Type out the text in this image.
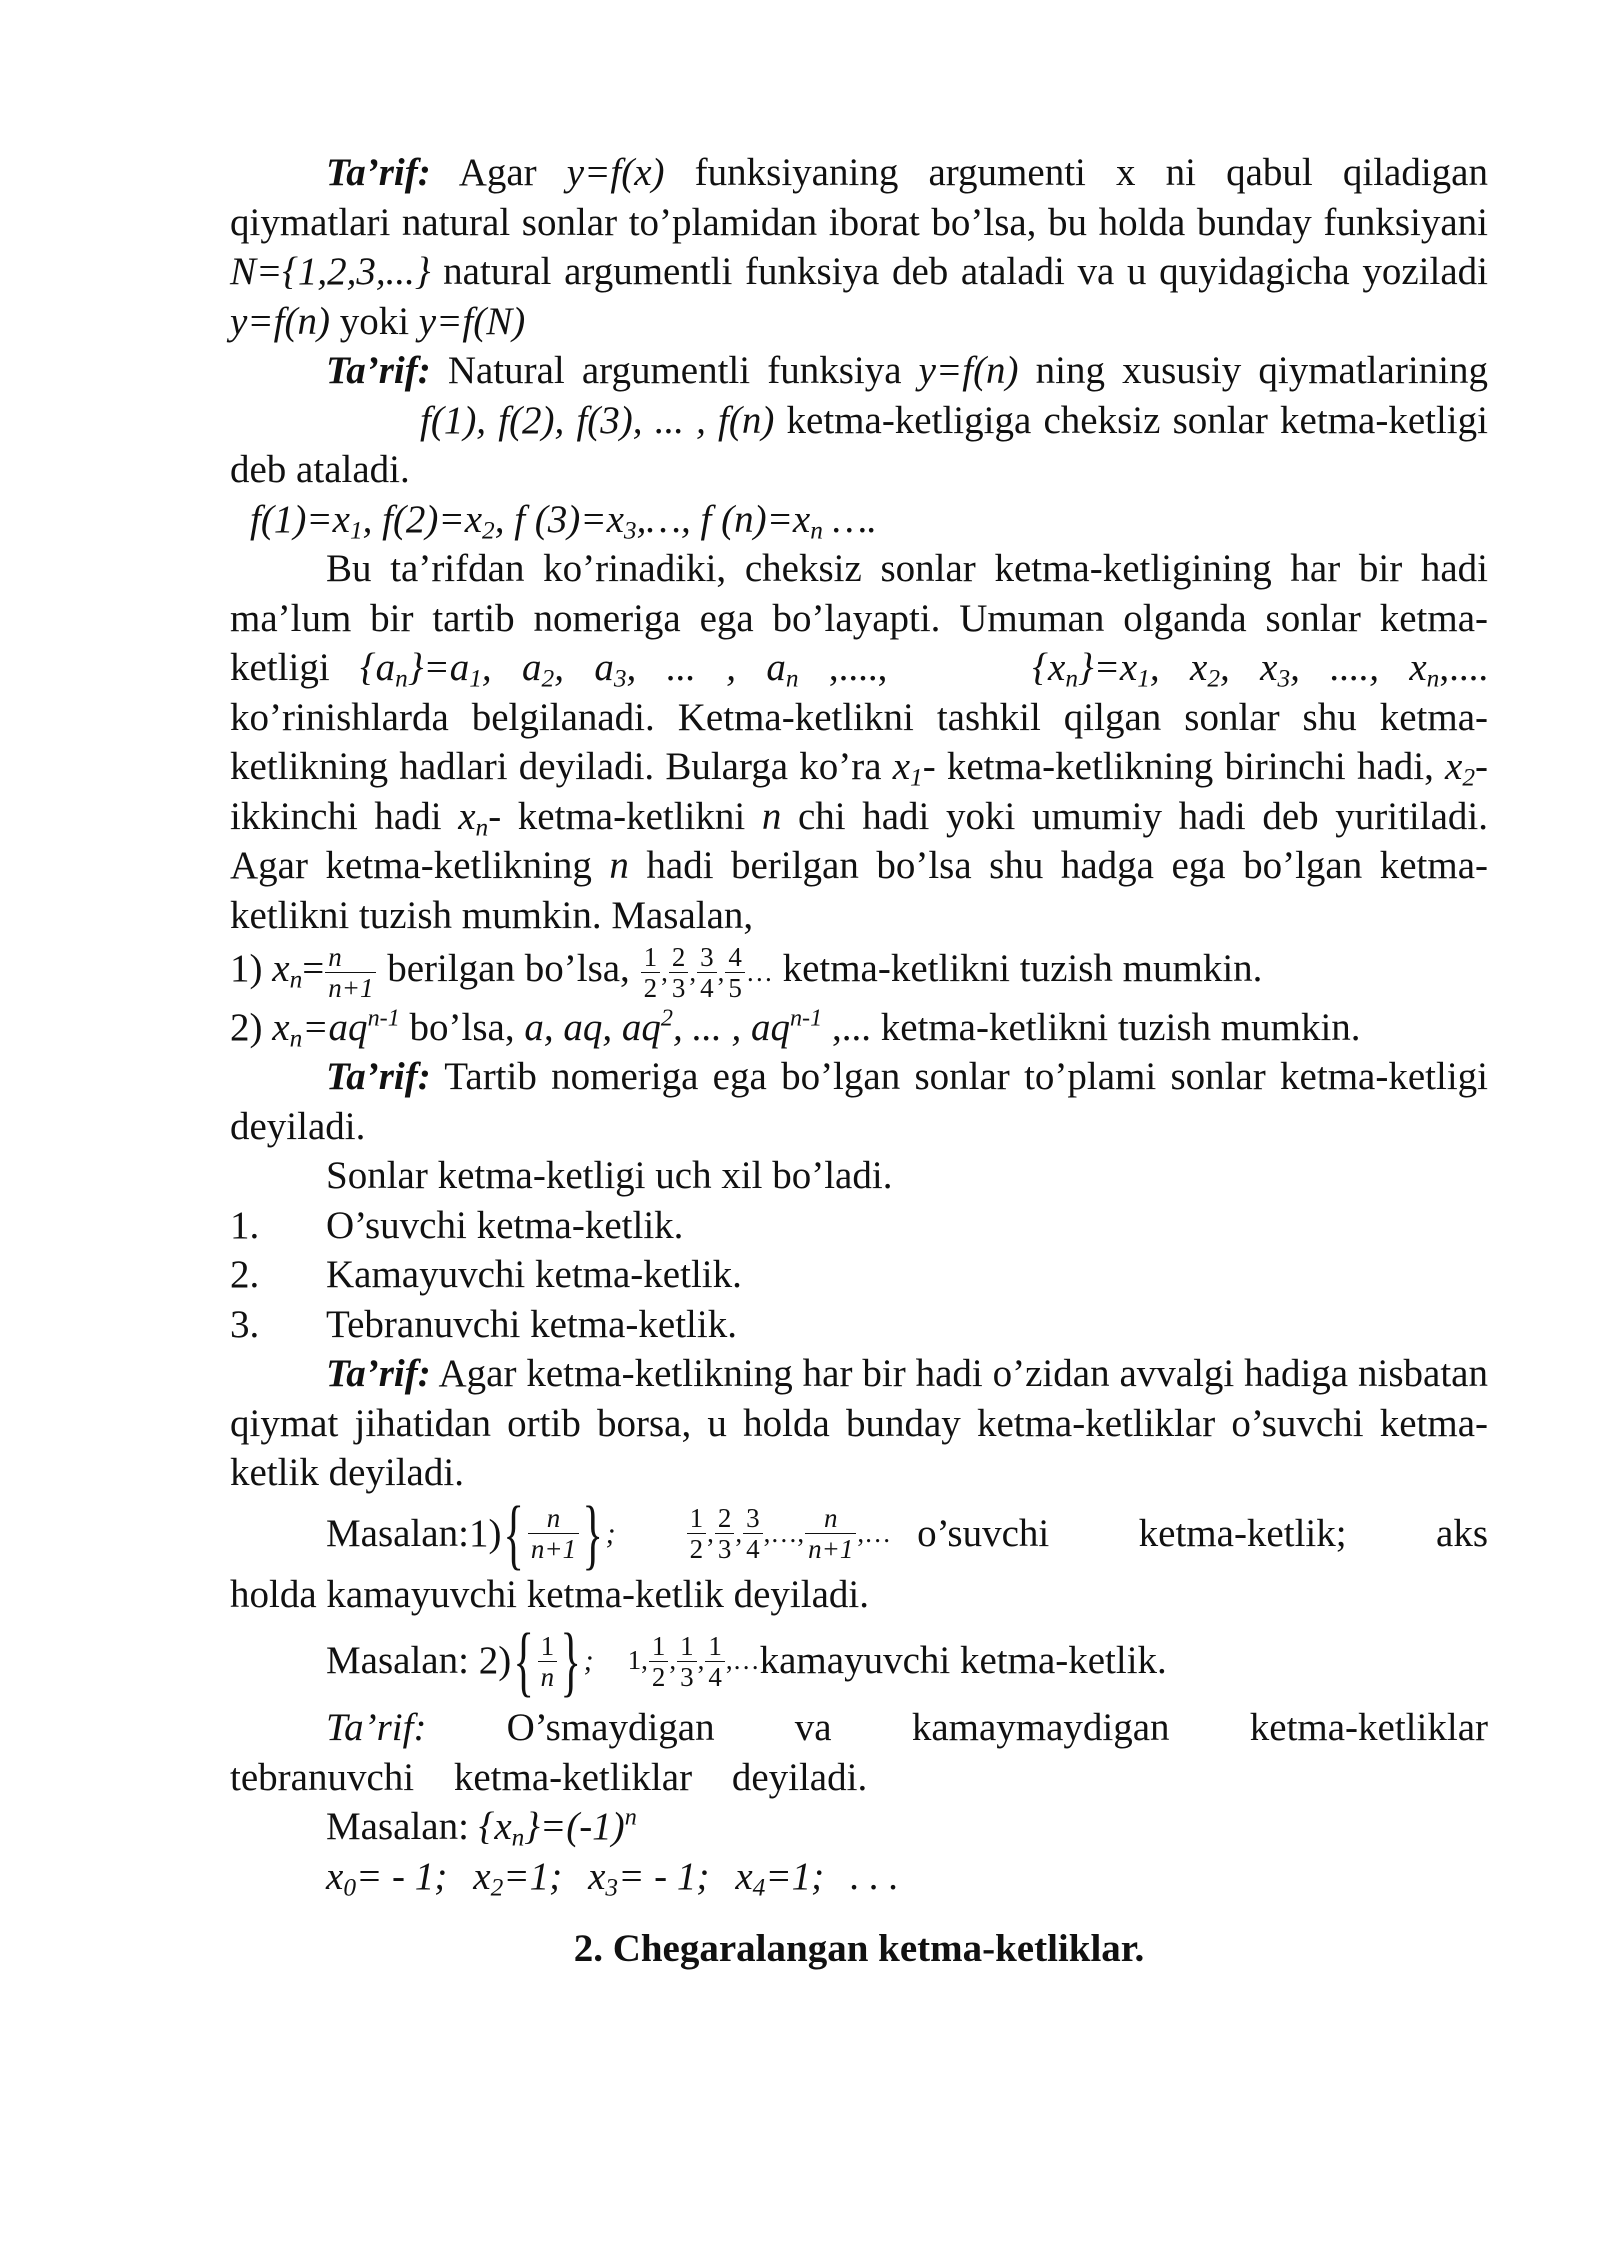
Ta’rif: Agar y=f(x) funksiyaning argumenti x ni qabul qiladigan qiymatlari natural sonlar to’plamidan iborat bo’lsa, bu holda bunday funksiyani N={1,2,3,...} natural argumentli funksiya deb ataladi va u quyidagicha yoziladi y=f(n) yoki y=f(N)

Ta’rif: Natural argumentli funksiya y=f(n) ning xususiy qiymatlariningf(1), f(2), f(3), ... , f(n) ketma-ketligiga cheksiz sonlar ketma-ketligi deb ataladi.

$f(1)=x_1$, $f(2)=x_2$, f $(3)=x_3,\dots$, f $(n)=x_n$ ….

Bu ta’rifdan ko’rinadiki, cheksiz sonlar ketma-ketligining har bir hadi ma’lum bir tartib nomeriga ega bo’layapti. Umuman olganda sonlar ketma-ketligi $\{a_n\}=a_1$, $a_2$, $a_3$, ... , $a_n$ ,....,	$\{x_n\}=x_1$, $x_2$, $x_3$, ...., $x_n$,.... ko’rinishlarda belgilanadi. Ketma-ketlikni tashkil qilgan sonlar shu ketma-ketlikning hadlari deyiladi. Bularga ko’ra $x_1-$ ketma-ketlikning birinchi hadi, $x_2-$ ikkinchi hadi $x_n-$ ketma-ketlikni n chi hadi yoki umumiy hadi deb yuritiladi. Agar ketma-ketlikning n hadi berilgan bo’lsa shu hadga ega bo’lgan ketma-ketlikni tuzish mumkin. Masalan,

1) $x_n= \frac{n}{n+1}$ berilgan bo’lsa, $\frac{1}{2}$ , $\frac{2}{3}$ , $\frac{3}{4}$ , $\frac{4}{5}$ … ketma-ketlikni tuzish mumkin.

2) $x_n=aq^{n-1}$ bo’lsa, a, aq, $aq^2$, ... , $aq^{n-1}$ ,... ketma-ketlikni tuzish mumkin.

Ta’rif: Tartib nomeriga ega bo’lgan sonlar to’plami sonlar ketma-ketligi deyiladi.

Sonlar ketma-ketligi uch xil bo’ladi.

1.	O’suvchi ketma-ketlik.
2.	Kamayuvchi ketma-ketlik.
3.	Tebranuvchi ketma-ketlik.

Ta’rif: Agar ketma-ketlikning har bir hadi o’zidan avvalgi hadiga nisbatan qiymat jihatidan ortib borsa, u holda bunday ketma-ketliklar o’suvchi ketma-ketlik deyiladi.

Masalan:1) { $\frac{n}{n+1}$ } ;	$\frac{1}{2}$ , $\frac{2}{3}$ , $\frac{3}{4}$ ,…, $\frac{n}{n+1}$ ,… o’suvchi ketma-ketlik; aks

holda kamayuvchi ketma-ketlik deyiladi.

Masalan: 2) { $\frac{1}{n}$ } ; 1, $\frac{1}{2}$ , $\frac{1}{3}$ , $\frac{1}{4}$ ,… kamayuvchi ketma-ketlik.

Ta’rif: O’smaydigan va kamaymaydigan ketma-ketliklar tebranuvchi ketma-ketliklar deyiladi.

Masalan: $\{x_n\}=(-1)^n$

$x_0= - 1$; $x_2=1$; $x_3= - 1$; $x_4=1$; . . .

2. Chegaralangan ketma-ketliklar.
